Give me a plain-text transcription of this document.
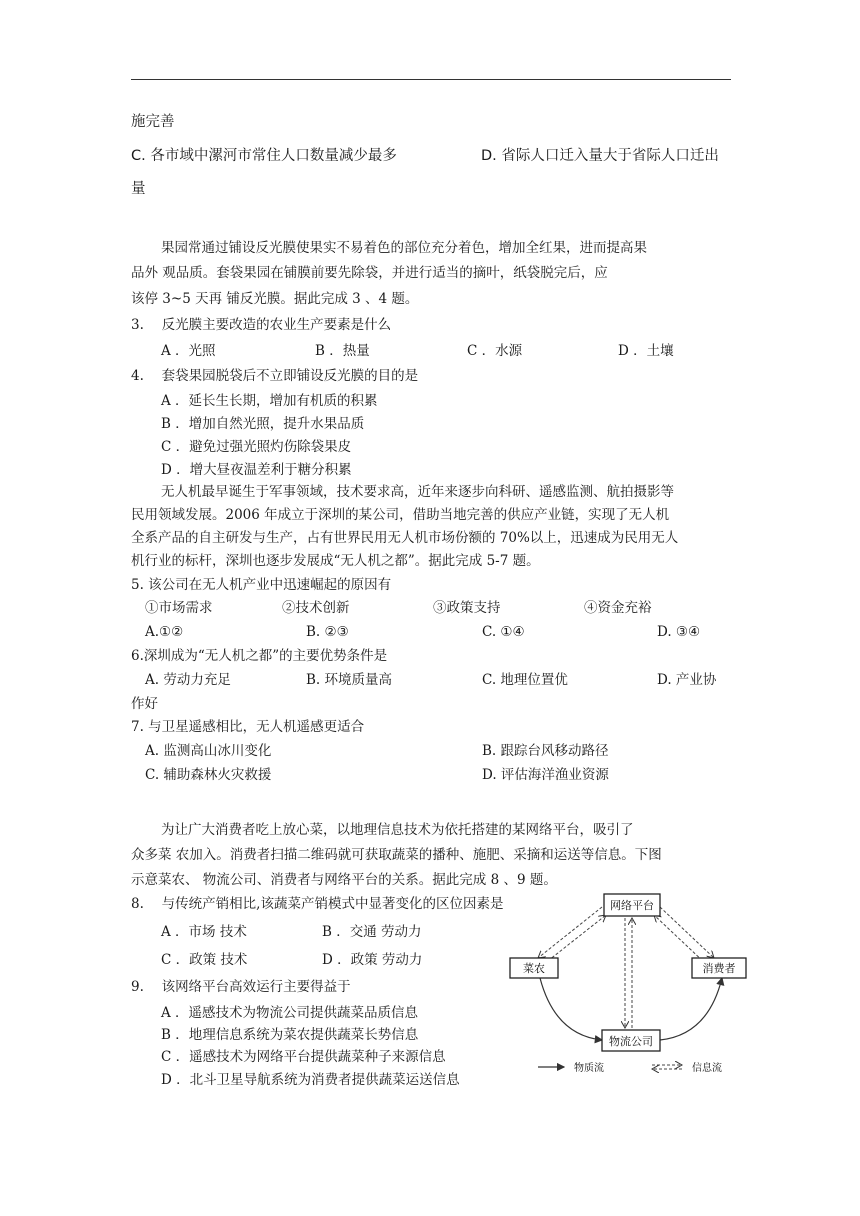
施完善
C. 各市域中漯河市常住人口数量减少最多	D. 省际人口迁入量大于省际人口迁出
量
果园常通过铺设反光膜使果实不易着色的部位充分着色，增加全红果，进而提高果
品外 观品质。套袋果园在铺膜前要先除袋，并进行适当的摘叶，纸袋脱完后，应
该停 3~5 天再 铺反光膜。据此完成 3 、4 题。
3.　 反光膜主要改造的农业生产要素是什么
A ．光照	B ．热量	C ．水源	D ．土壤
4.　 套袋果园脱袋后不立即铺设反光膜的目的是
A ．延长生长期，增加有机质的积累
B ．增加自然光照，提升水果品质
C ．避免过强光照灼伤除袋果皮
D ．增大昼夜温差利于糖分积累
无人机最早诞生于军事领域，技术要求高，近年来逐步向科研、遥感监测、航拍摄影等
民用领域发展。2006 年成立于深圳的某公司，借助当地完善的供应产业链，实现了无人机
全系产品的自主研发与生产，占有世界民用无人机市场份额的 70%以上，迅速成为民用无人
机行业的标杆，深圳也逐步发展成“无人机之都”。据此完成 5-7 题。
5. 该公司在无人机产业中迅速崛起的原因有
①市场需求	②技术创新	③政策支持	④资金充裕
A.①②	B. ②③	C. ①④	D. ③④
6.深圳成为“无人机之都”的主要优势条件是
A. 劳动力充足	B. 环境质量高	C. 地理位置优	D. 产业协
作好
7. 与卫星遥感相比，无人机遥感更适合
A. 监测高山冰川变化	B. 跟踪台风移动路径
C. 辅助森林火灾救援	D. 评估海洋渔业资源
为让广大消费者吃上放心菜，以地理信息技术为依托搭建的某网络平台，吸引了
众多菜 农加入。消费者扫描二维码就可获取蔬菜的播种、施肥、采摘和运送等信息。下图
示意菜农、 物流公司、消费者与网络平台的关系。据此完成 8 、9 题。
8.　 与传统产销相比,该蔬菜产销模式中显著变化的区位因素是
A ．市场 技术	B ．交通 劳动力
C ．政策 技术	D ．政策 劳动力
9.　 该网络平台高效运行主要得益于
A ．遥感技术为物流公司提供蔬菜品质信息
B ．地理信息系统为菜农提供蔬菜长势信息
C ．遥感技术为网络平台提供蔬菜种子来源信息
D ．北斗卫星导航系统为消费者提供蔬菜运送信息
网络平台
菜农	消费者
物流公司
物质流	信息流
